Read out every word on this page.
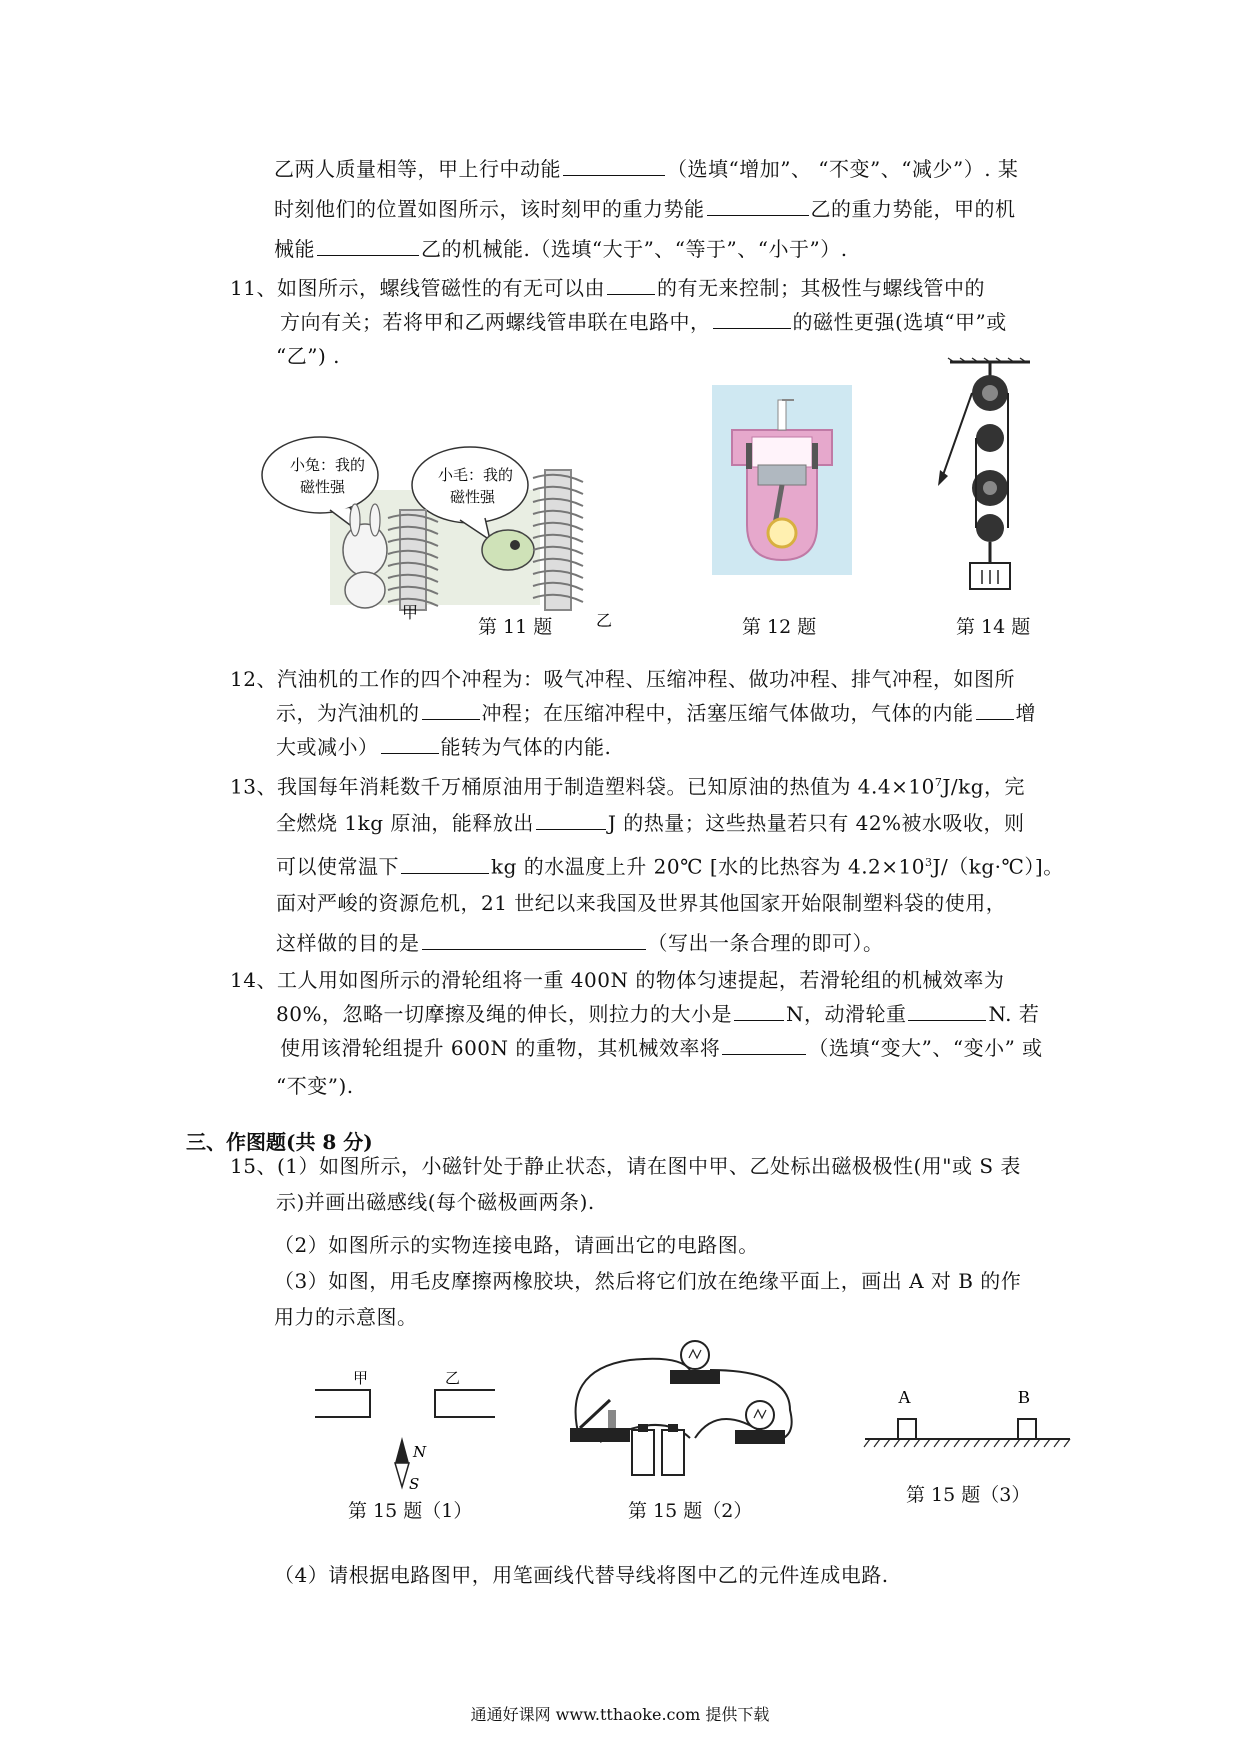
乙两人质量相等，甲上行中动能	（选填“增加”、 “不变”、“减少”）. 某
时刻他们的位置如图所示，该时刻甲的重力势能	乙的重力势能，甲的机
械能	乙的机械能.（选填“大于”、“等于”、“小于”）.
11、如图所示，螺线管磁性的有无可以由	的有无来控制；其极性与螺线管中的
方向有关；若将甲和乙两螺线管串联在电路中，	的磁性更强(选填“甲”或
“乙”) .
小兔：我的
磁性强
小毛：我的
磁性强
甲	乙
第 11 题	第 12 题	第 14 题
12、汽油机的工作的四个冲程为：吸气冲程、压缩冲程、做功冲程、排气冲程，如图所
示，为汽油机的	冲程；在压缩冲程中，活塞压缩气体做功，气体的内能 增
大或减小）	能转为气体的内能.
13、我国每年消耗数千万桶原油用于制造塑料袋。已知原油的热值为 $4.4\times 10^7J/kg$，完
全燃烧 1kg 原油，能释放出	J 的热量；这些热量若只有 42%被水吸收，则
可以使常温下	kg 的水温度上升 20℃ [水的比热容为 $4.2\times 10^3J/(kg\cdot℃)$]。
面对严峻的资源危机，21 世纪以来我国及世界其他国家开始限制塑料袋的使用，
这样做的目的是	（写出一条合理的即可）。
14、工人用如图所示的滑轮组将一重 400N 的物体匀速提起，若滑轮组的机械效率为
80%，忽略一切摩擦及绳的伸长，则拉力的大小是	N，动滑轮重	N. 若
使用该滑轮组提升 600N 的重物，其机械效率将	（选填“变大”、“变小” 或
“不变”).
三、作图题(共 8 分)
15、(1）如图所示，小磁针处于静止状态，请在图中甲、乙处标出磁极极性(用"或 S 表
示)并画出磁感线(每个磁极画两条).
（2）如图所示的实物连接电路，请画出它的电路图。
（3）如图，用毛皮摩擦两橡胶块，然后将它们放在绝缘平面上，画出 A 对 B 的作
用力的示意图。
甲	乙
N
S
第 15 题（1）	第 15 题（2）
A	B
第 15 题（3）
（4）请根据电路图甲，用笔画线代替导线将图中乙的元件连成电路.
通通好课网 www.tthaoke.com 提供下载
